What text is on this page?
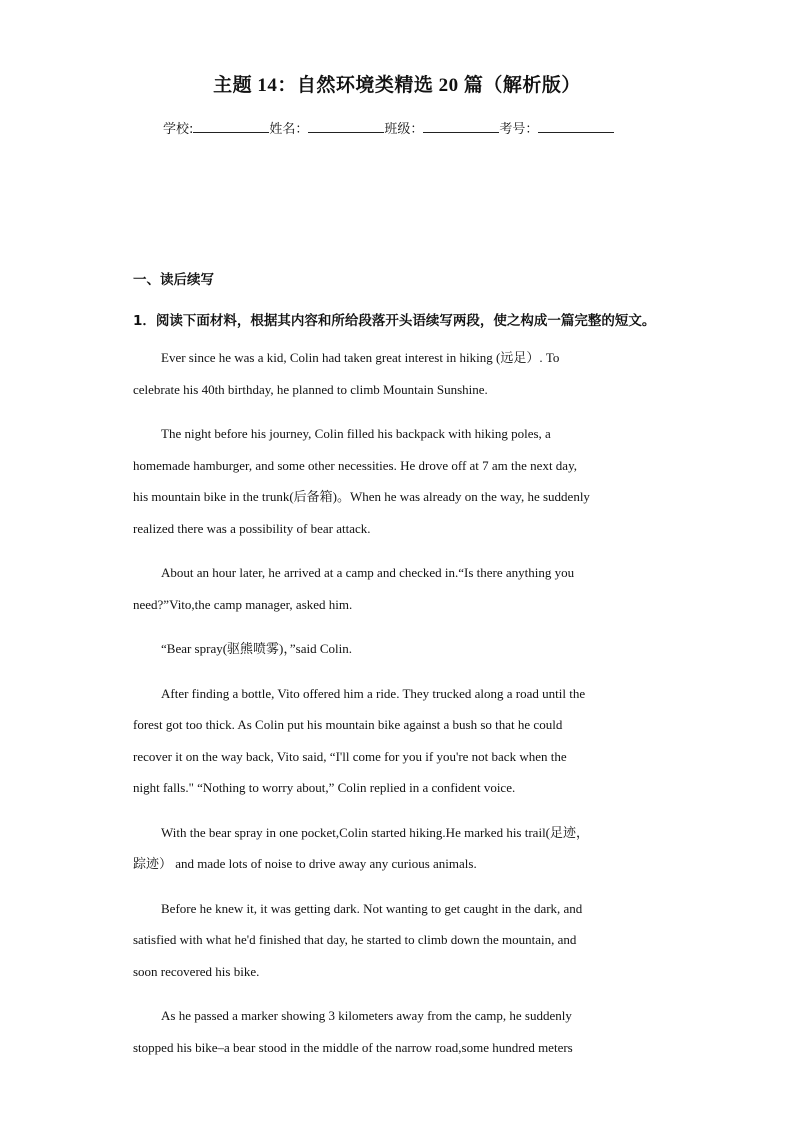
主题 14：自然环境类精选 20 篇（解析版）
学校:	姓名：	班级：	考号：
一、读后续写
1．阅读下面材料，根据其内容和所给段落开头语续写两段，使之构成一篇完整的短文。
Ever since he was a kid, Colin had taken great interest in hiking (远足）. To
celebrate his 40th birthday, he planned to climb Mountain Sunshine.
The night before his journey, Colin filled his backpack with hiking poles, a
homemade hamburger, and some other necessities. He drove off at 7 am the next day,
his mountain bike in the trunk(后备箱)。When he was already on the way, he suddenly
realized there was a possibility of bear attack.
About an hour later, he arrived at a camp and checked in.“Is there anything you
need?”Vito,the camp manager, asked him.
“Bear spray(驱熊喷雾)，”said Colin.
After finding a bottle, Vito offered him a ride. They trucked along a road until the
forest got too thick. As Colin put his mountain bike against a bush so that he could
recover it on the way back, Vito said, “I'll come for you if you're not back when the
night falls." “Nothing to worry about,” Colin replied in a confident voice.
With the bear spray in one pocket,Colin started hiking.He marked his trail(足迹，
踪迹） and made lots of noise to drive away any curious animals.
Before he knew it, it was getting dark. Not wanting to get caught in the dark, and
satisfied with what he'd finished that day, he started to climb down the mountain, and
soon recovered his bike.
As he passed a marker showing 3 kilometers away from the camp, he suddenly
stopped his bike–a bear stood in the middle of the narrow road,some hundred meters
